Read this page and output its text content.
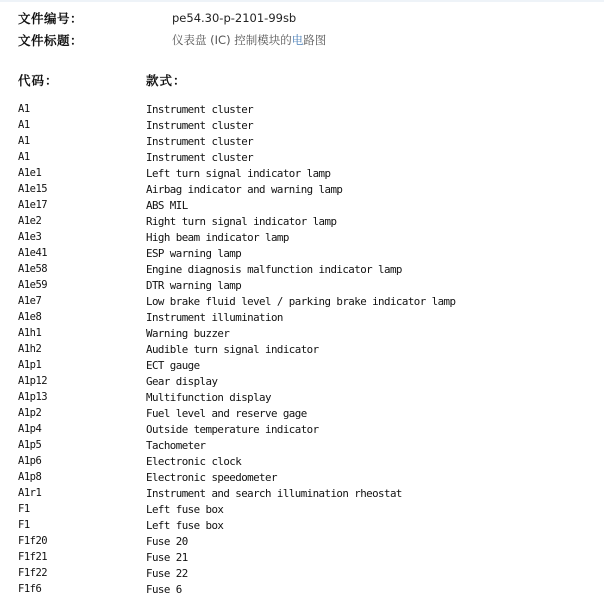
文件编号：	pe54.30-p-2101-99sb
文件标题：	仪表盘 (IC) 控制模块的电路图
代码：	款式：
A1	Instrument cluster
A1	Instrument cluster
A1	Instrument cluster
A1	Instrument cluster
A1e1	Left turn signal indicator lamp
A1e15	Airbag indicator and warning lamp
A1e17	ABS MIL
A1e2	Right turn signal indicator lamp
A1e3	High beam indicator lamp
A1e41	ESP warning lamp
A1e58	Engine diagnosis malfunction indicator lamp
A1e59	DTR warning lamp
A1e7	Low brake fluid level / parking brake indicator lamp
A1e8	Instrument illumination
A1h1	Warning buzzer
A1h2	Audible turn signal indicator
A1p1	ECT gauge
A1p12	Gear display
A1p13	Multifunction display
A1p2	Fuel level and reserve gage
A1p4	Outside temperature indicator
A1p5	Tachometer
A1p6	Electronic clock
A1p8	Electronic speedometer
A1r1	Instrument and search illumination rheostat
F1	Left fuse box
F1	Left fuse box
F1f20	Fuse 20
F1f21	Fuse 21
F1f22	Fuse 22
F1f6	Fuse 6
